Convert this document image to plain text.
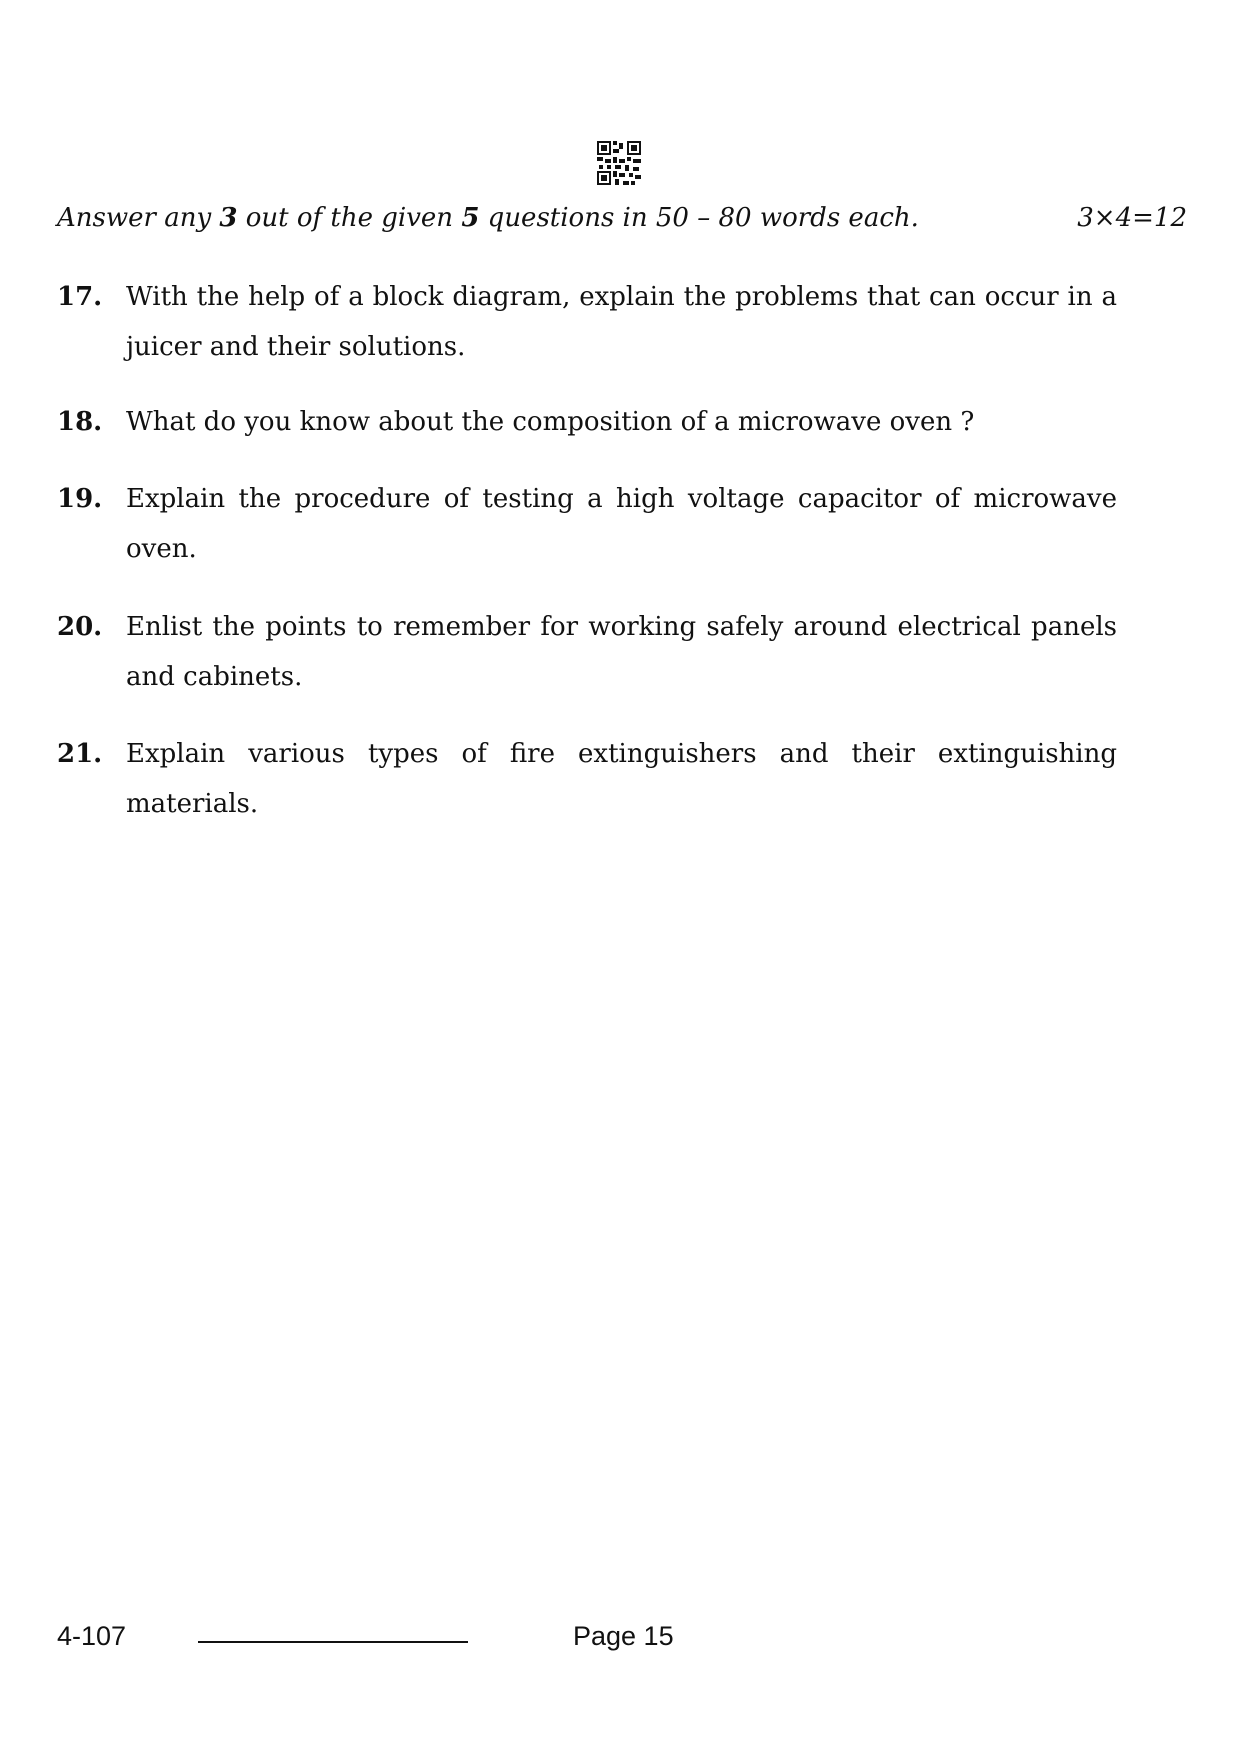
Answer any 3 out of the given 5 questions in 50 – 80 words each.	3×4=12
17. With the help of a block diagram, explain the problems that can occur in a juicer and their solutions.
18. What do you know about the composition of a microwave oven ?
19. Explain the procedure of testing a high voltage capacitor of microwave oven.
20. Enlist the points to remember for working safely around electrical panels and cabinets.
21. Explain various types of fire extinguishers and their extinguishing materials.
4-107	Page 15
